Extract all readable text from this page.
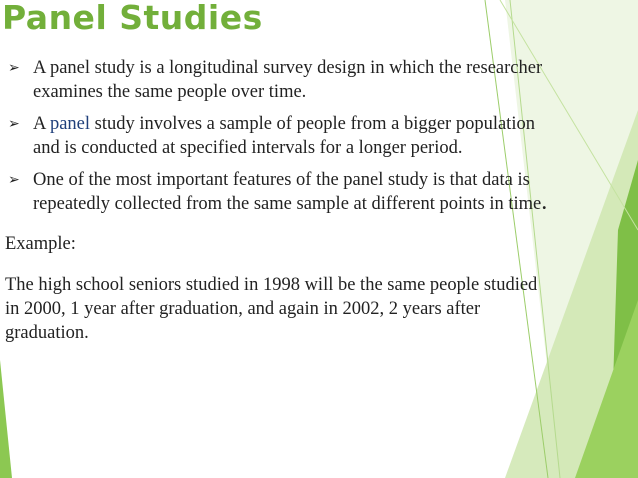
Panel Studies
➢ A panel study is a longitudinal survey design in which the researcher
examines the same people over time.
➢ A panel study involves a sample of people from a bigger population
and is conducted at specified intervals for a longer period.
➢ One of the most important features of the panel study is that data is
repeatedly collected from the same sample at different points in time.
Example:
The high school seniors studied in 1998 will be the same people studied
in 2000, 1 year after graduation, and again in 2002, 2 years after
graduation.
